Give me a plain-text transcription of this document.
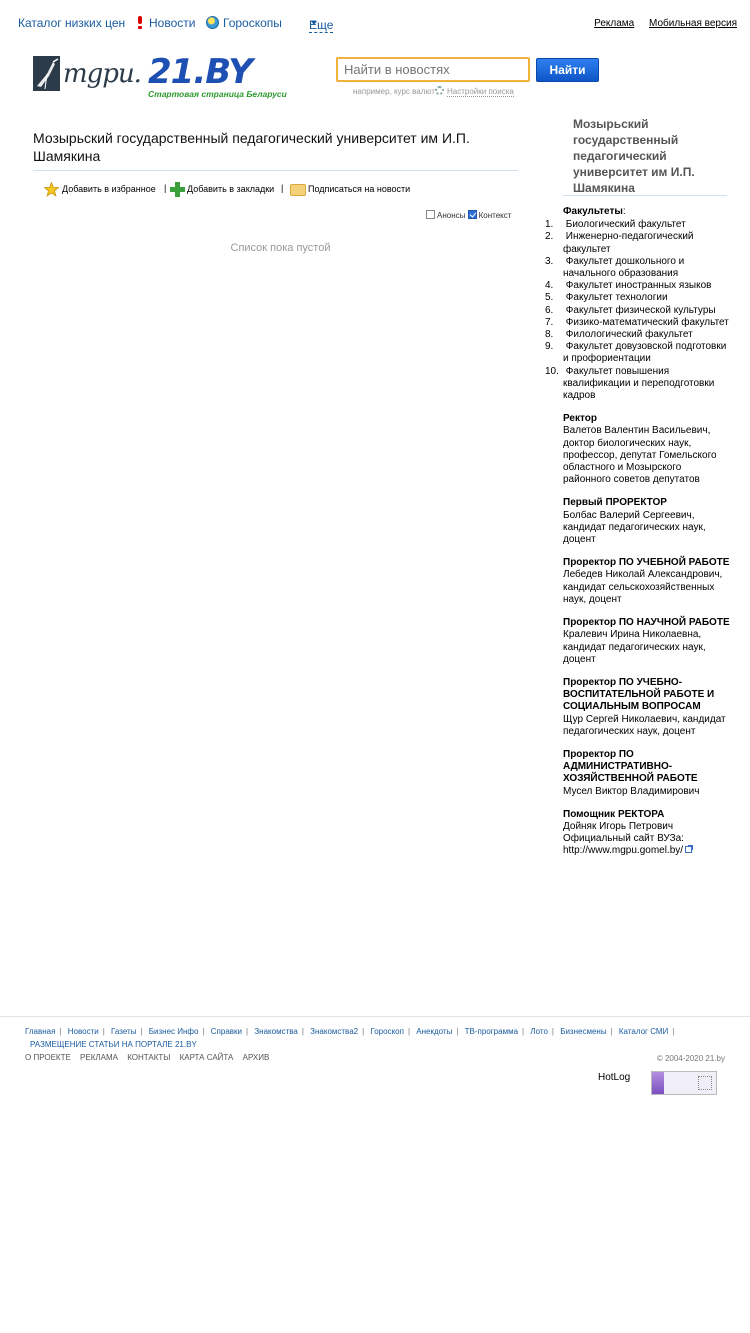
Каталог низких цен Новости Гороскопы Еще	Реклама Мобильная версия
mgpu. 21.BY
Стартовая страница Беларуси
Найти в новостях
Найти
например, курс валют	Настройки поиска
Мозырьский государственный педагогический университет им И.П. Шамякина
Добавить в избранное | Добавить в закладки |	Подписаться на новости
Анонсы Контекст
Список пока пустой
Мозырьский государственный педагогический университет им И.П. Шамякина
Факультеты:
1. Биологический факультет
2. Инженерно-педагогический факультет
3. Факультет дошкольного и начального образования
4. Факультет иностранных языков
5. Факультет технологии
6. Факультет физической культуры
7. Физико-математический факультет
8. Филологический факультет
9. Факультет довузовской подготовки и профориентации
10. Факультет повышения квалификации и переподготовки кадров
Ректор
Валетов Валентин Васильевич, доктор биологических наук, профессор, депутат Гомельского областного и Мозырского районного советов депутатов
Первый ПРОРЕКТОР
Болбас Валерий Сергеевич, кандидат педагогических наук, доцент
Проректор ПО УЧЕБНОЙ РАБОТЕ
Лебедев Николай Александрович, кандидат сельскохозяйственных наук, доцент
Проректор ПО НАУЧНОЙ РАБОТЕ
Кралевич Ирина Николаевна, кандидат педагогических наук, доцент
Проректор ПО УЧЕБНО-ВОСПИТАТЕЛЬНОЙ РАБОТЕ И СОЦИАЛЬНЫМ ВОПРОСАМ
Щур Сергей Николаевич, кандидат педагогических наук, доцент
Проректор ПО АДМИНИСТРАТИВНО-ХОЗЯЙСТВЕННОЙ РАБОТЕ
Мусел Виктор Владимирович
Помощник РЕКТОРА
Дойняк Игорь Петрович
Официальный сайт ВУЗа:
http://www.mgpu.gomel.by/
Главная | Новости | Газеты | Бизнес Инфо | Справки | Знакомства | Знакомства2 | Гороскоп | Анекдоты | ТВ-программа | Лото | Бизнесмены | Каталог СМИ |
РАЗМЕЩЕНИЕ СТАТЬИ НА ПОРТАЛЕ 21.BY
О ПРОЕКТЕ РЕКЛАМА КОНТАКТЫ КАРТА САЙТА АРХИВ	© 2004-2020 21.by
HotLog
